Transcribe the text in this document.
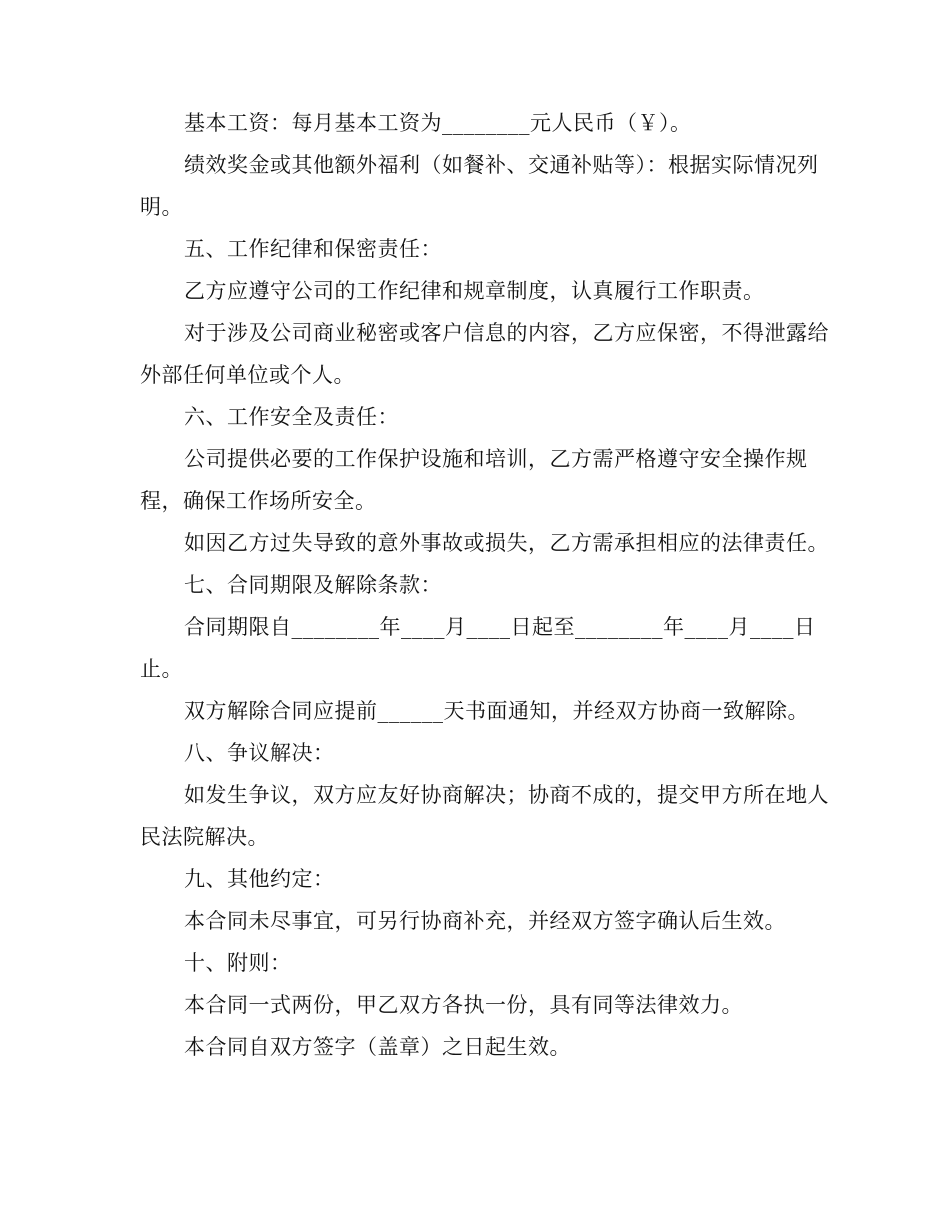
基本工资：每月基本工资为________元人民币（￥）。

绩效奖金或其他额外福利（如餐补、交通补贴等）：根据实际情况列明。

五、工作纪律和保密责任：

乙方应遵守公司的工作纪律和规章制度，认真履行工作职责。

对于涉及公司商业秘密或客户信息的内容，乙方应保密，不得泄露给外部任何单位或个人。

六、工作安全及责任：

公司提供必要的工作保护设施和培训，乙方需严格遵守安全操作规程，确保工作场所安全。

如因乙方过失导致的意外事故或损失，乙方需承担相应的法律责任。

七、合同期限及解除条款：

合同期限自________年____月____日起至________年____月____日止。

双方解除合同应提前______天书面通知，并经双方协商一致解除。

八、争议解决：

如发生争议，双方应友好协商解决；协商不成的，提交甲方所在地人民法院解决。

九、其他约定：

本合同未尽事宜，可另行协商补充，并经双方签字确认后生效。

十、附则：

本合同一式两份，甲乙双方各执一份，具有同等法律效力。

本合同自双方签字（盖章）之日起生效。
